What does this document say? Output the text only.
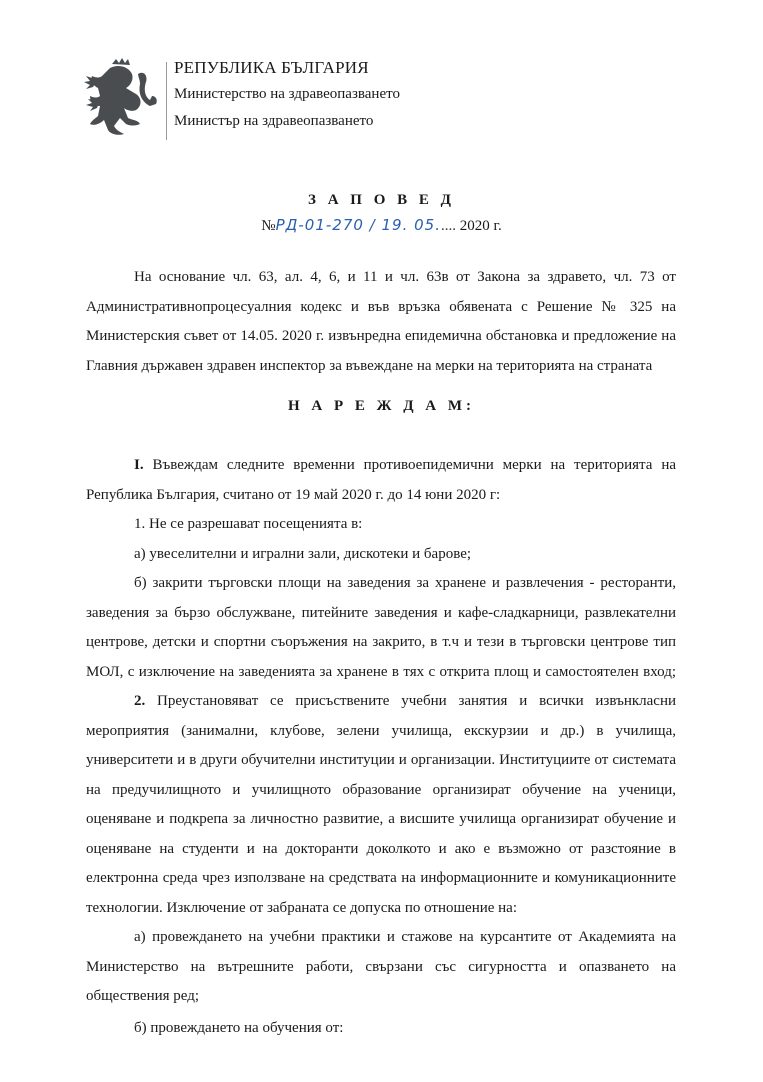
РЕПУБЛИКА БЪЛГАРИЯ
Министерство на здравеопазването
Министър на здравеопазването
З А П О В Е Д
№РД-01-270 / 19. 05..... 2020 г.
На основание чл. 63, ал. 4, 6, и 11 и чл. 63в от Закона за здравето, чл. 73 от
Административнопроцесуалния кодекс и във връзка обявената с Решение № 325 на
Министерския съвет от 14.05. 2020 г. извънредна епидемична обстановка и предложение на
Главния държавен здравен инспектор за въвеждане на мерки на територията на страната
Н А Р Е Ж Д А М:
I. Въвеждам следните временни противоепидемични мерки на територията на
Република България, считано от 19 май 2020 г. до 14 юни 2020 г:
1. Не се разрешават посещенията в:
а) увеселителни и игрални зали, дискотеки и барове;
б) закрити търговски площи на заведения за хранене и развлечения - ресторанти,
заведения за бързо обслужване, питейните заведения и кафе-сладкарници, развлекателни
центрове, детски и спортни съоръжения на закрито, в т.ч и тези в търговски центрове тип
МОЛ, с изключение на заведенията за хранене в тях с открита площ и самостоятелен вход;
2. Преустановяват се присъствените учебни занятия и всички извънкласни
мероприятия (занимални, клубове, зелени училища, екскурзии и др.) в училища,
университети и в други обучителни институции и организации. Институциите от системата
на предучилищното и училищното образование организират обучение на ученици,
оценяване и подкрепа за личностно развитие, а висшите училища организират обучение и
оценяване на студенти и на докторанти доколкото и ако е възможно от разстояние в
електронна среда чрез използване на средствата на информационните и комуникационните
технологии. Изключение от забраната се допуска по отношение на:
а) провеждането на учебни практики и стажове на курсантите от Академията на
Министерство на вътрешните работи, свързани със сигурността и опазването на
обществения ред;
б) провеждането на обучения от:
